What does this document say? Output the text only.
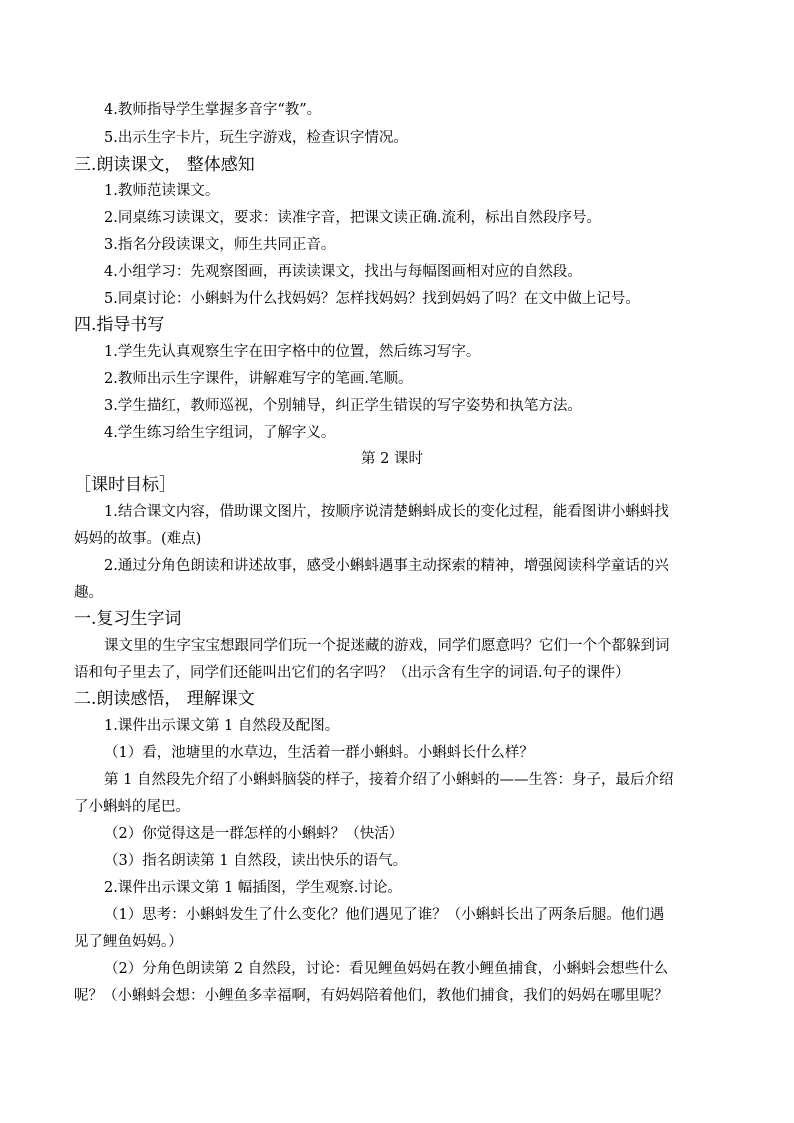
4.教师指导学生掌握多音字“教”。
5.出示生字卡片，玩生字游戏，检查识字情况。
三.朗读课文， 整体感知
1.教师范读课文。
2.同桌练习读课文，要求：读准字音，把课文读正确.流利，标出自然段序号。
3.指名分段读课文，师生共同正音。
4.小组学习：先观察图画，再读读课文，找出与每幅图画相对应的自然段。
5.同桌讨论：小蝌蚪为什么找妈妈？怎样找妈妈？找到妈妈了吗？在文中做上记号。
四.指导书写
1.学生先认真观察生字在田字格中的位置，然后练习写字。
2.教师出示生字课件，讲解难写字的笔画.笔顺。
3.学生描红，教师巡视，个别辅导，纠正学生错误的写字姿势和执笔方法。
4.学生练习给生字组词，了解字义。
第 2 课时
［课时目标］
1.结合课文内容，借助课文图片，按顺序说清楚蝌蚪成长的变化过程，能看图讲小蝌蚪找
妈妈的故事。(难点)
2.通过分角色朗读和讲述故事，感受小蝌蚪遇事主动探索的精神，增强阅读科学童话的兴
趣。
一.复习生字词
课文里的生字宝宝想跟同学们玩一个捉迷藏的游戏，同学们愿意吗？它们一个个都躲到词
语和句子里去了，同学们还能叫出它们的名字吗？（出示含有生字的词语.句子的课件）
二.朗读感悟， 理解课文
1.课件出示课文第 1 自然段及配图。
（1）看，池塘里的水草边，生活着一群小蝌蚪。小蝌蚪长什么样？
第 1 自然段先介绍了小蝌蚪脑袋的样子，接着介绍了小蝌蚪的——生答：身子，最后介绍
了小蝌蚪的尾巴。
（2）你觉得这是一群怎样的小蝌蚪？（快活）
（3）指名朗读第 1 自然段，读出快乐的语气。
2.课件出示课文第 1 幅插图，学生观察.讨论。
（1）思考：小蝌蚪发生了什么变化？他们遇见了谁？（小蝌蚪长出了两条后腿。他们遇
见了鲤鱼妈妈。）
（2）分角色朗读第 2 自然段，讨论：看见鲤鱼妈妈在教小鲤鱼捕食，小蝌蚪会想些什么
呢？（小蝌蚪会想：小鲤鱼多幸福啊，有妈妈陪着他们，教他们捕食，我们的妈妈在哪里呢？
